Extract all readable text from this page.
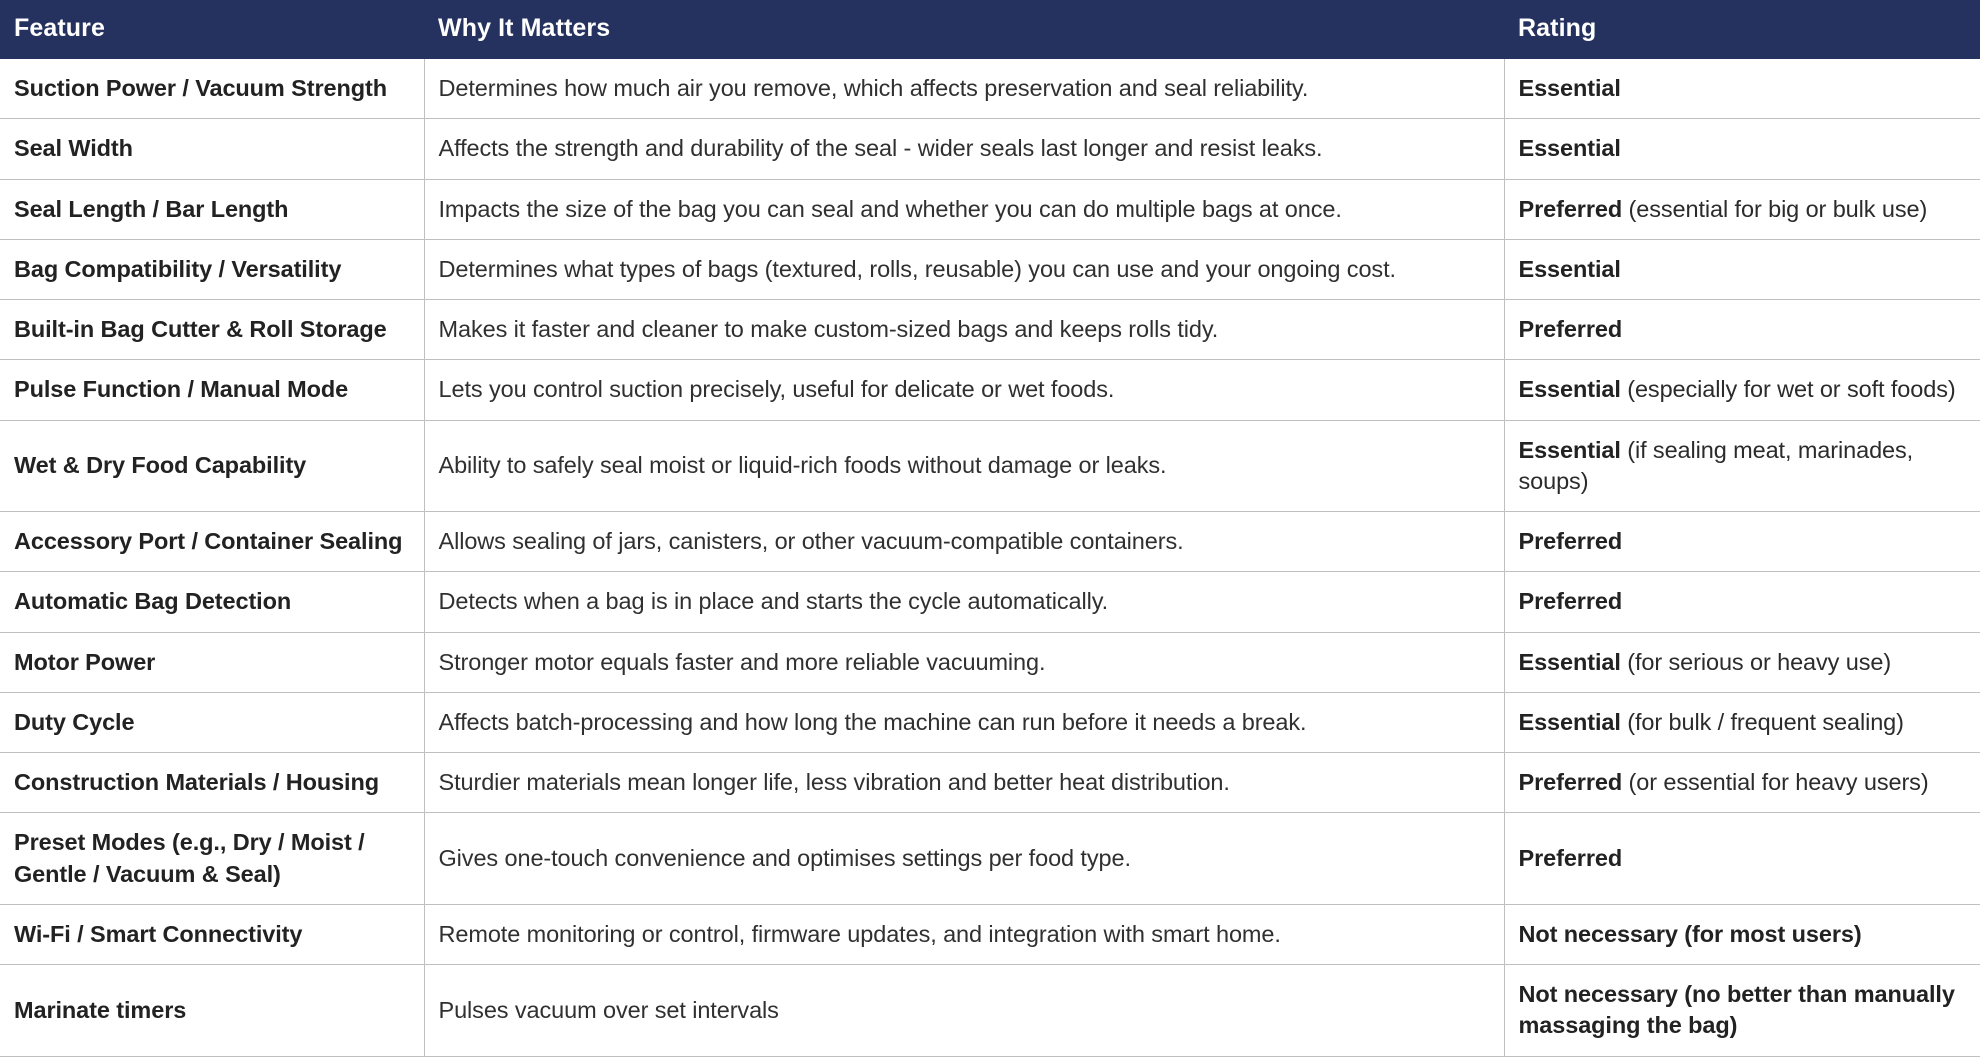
Feature	Why It Matters	Rating
Suction Power / Vacuum Strength	Determines how much air you remove, which affects preservation and seal reliability.	Essential
Seal Width	Affects the strength and durability of the seal - wider seals last longer and resist leaks.	Essential
Seal Length / Bar Length	Impacts the size of the bag you can seal and whether you can do multiple bags at once.	Preferred (essential for big or bulk use)
Bag Compatibility / Versatility	Determines what types of bags (textured, rolls, reusable) you can use and your ongoing cost.	Essential
Built-in Bag Cutter & Roll Storage	Makes it faster and cleaner to make custom-sized bags and keeps rolls tidy.	Preferred
Pulse Function / Manual Mode	Lets you control suction precisely, useful for delicate or wet foods.	Essential (especially for wet or soft foods)
Wet & Dry Food Capability	Ability to safely seal moist or liquid-rich foods without damage or leaks.	Essential (if sealing meat, marinades, soups)
Accessory Port / Container Sealing	Allows sealing of jars, canisters, or other vacuum-compatible containers.	Preferred
Automatic Bag Detection	Detects when a bag is in place and starts the cycle automatically.	Preferred
Motor Power	Stronger motor equals faster and more reliable vacuuming.	Essential (for serious or heavy use)
Duty Cycle	Affects batch-processing and how long the machine can run before it needs a break.	Essential (for bulk / frequent sealing)
Construction Materials / Housing	Sturdier materials mean longer life, less vibration and better heat distribution.	Preferred (or essential for heavy users)
Preset Modes (e.g., Dry / Moist / Gentle / Vacuum & Seal)	Gives one-touch convenience and optimises settings per food type.	Preferred
Wi-Fi / Smart Connectivity	Remote monitoring or control, firmware updates, and integration with smart home.	Not necessary (for most users)
Marinate timers	Pulses vacuum over set intervals	Not necessary (no better than manually massaging the bag)
